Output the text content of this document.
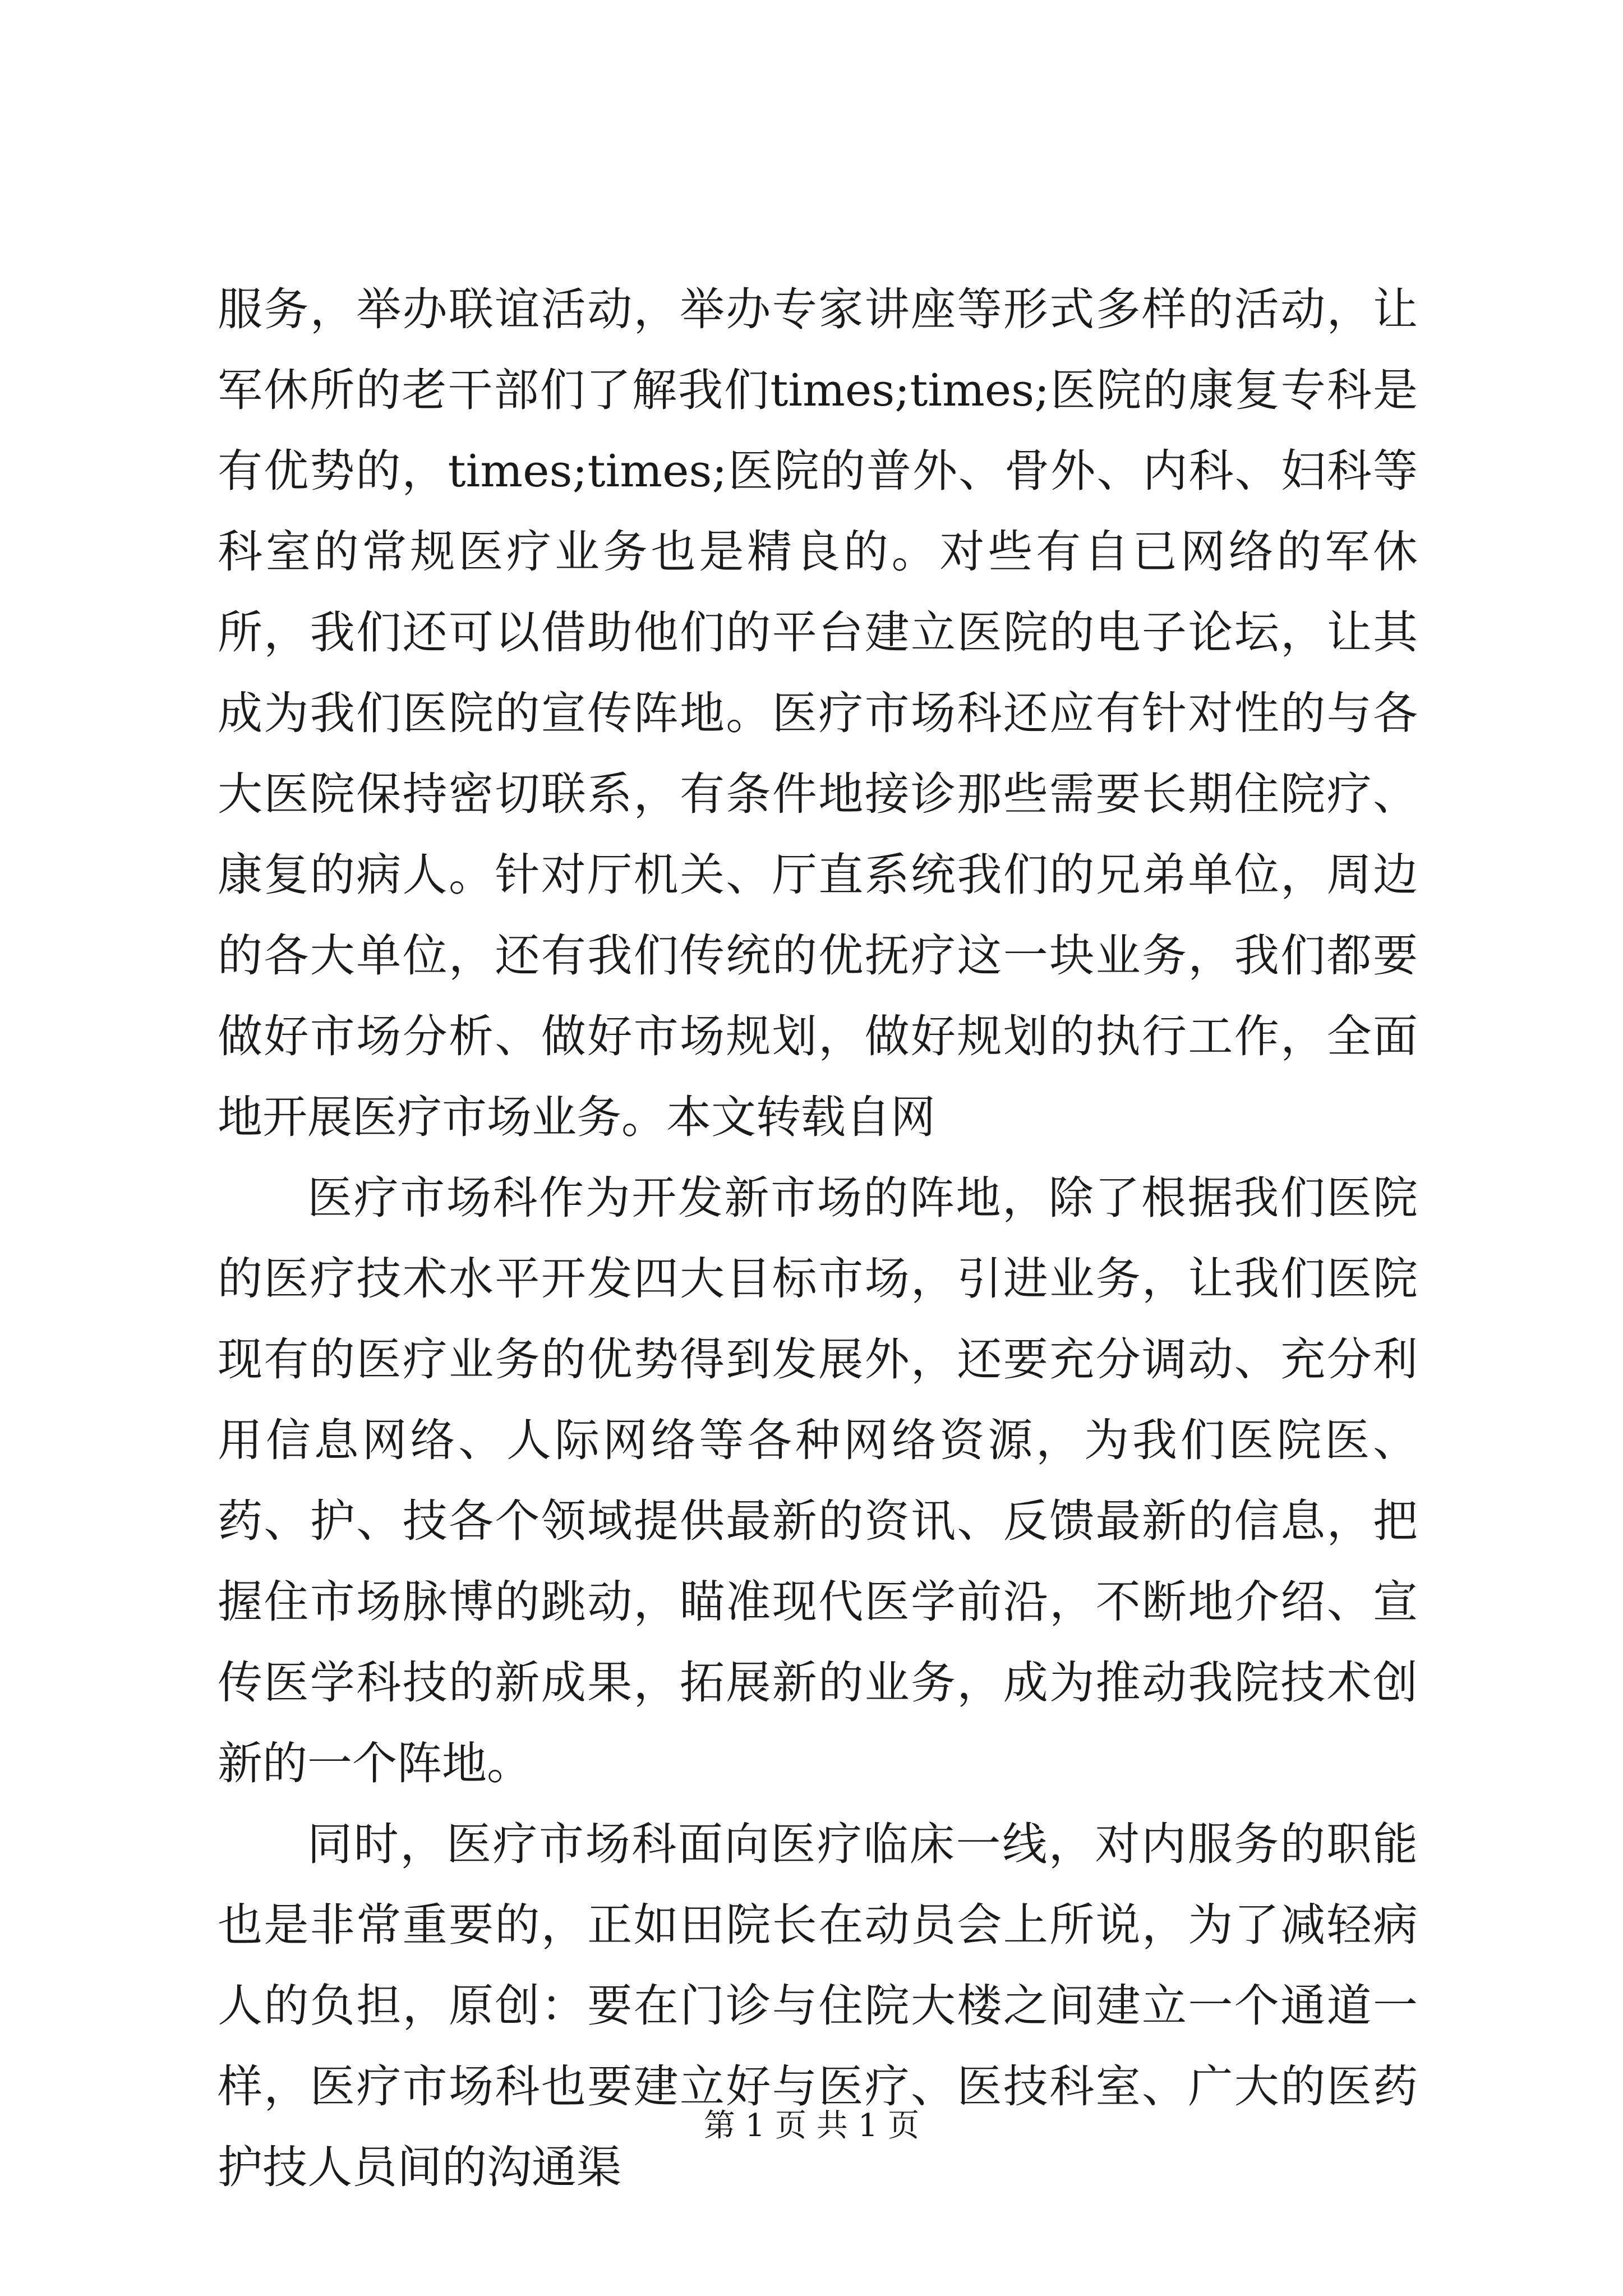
服务，举办联谊活动，举办专家讲座等形式多样的活动，让军休所的老干部们了解我们times;times;医院的康复专科是有优势的，times;times;医院的普外、骨外、内科、妇科等科室的常规医疗业务也是精良的。对些有自已网络的军休所，我们还可以借助他们的平台建立医院的电子论坛，让其成为我们医院的宣传阵地。医疗市场科还应有针对性的与各大医院保持密切联系，有条件地接诊那些需要长期住院疗、康复的病人。针对厅机关、厅直系统我们的兄弟单位，周边的各大单位，还有我们传统的优抚疗这一块业务，我们都要做好市场分析、做好市场规划，做好规划的执行工作，全面地开展医疗市场业务。本文转载自网

医疗市场科作为开发新市场的阵地，除了根据我们医院的医疗技术水平开发四大目标市场，引进业务，让我们医院现有的医疗业务的优势得到发展外，还要充分调动、充分利用信息网络、人际网络等各种网络资源，为我们医院医、药、护、技各个领域提供最新的资讯、反馈最新的信息，把握住市场脉博的跳动，瞄准现代医学前沿，不断地介绍、宣传医学科技的新成果，拓展新的业务，成为推动我院技术创新的一个阵地。

同时，医疗市场科面向医疗临床一线，对内服务的职能也是非常重要的，正如田院长在动员会上所说，为了减轻病人的负担，原创：要在门诊与住院大楼之间建立一个通道一样，医疗市场科也要建立好与医疗、医技科室、广大的医药护技人员间的沟通渠

第 1 页 共 1 页
